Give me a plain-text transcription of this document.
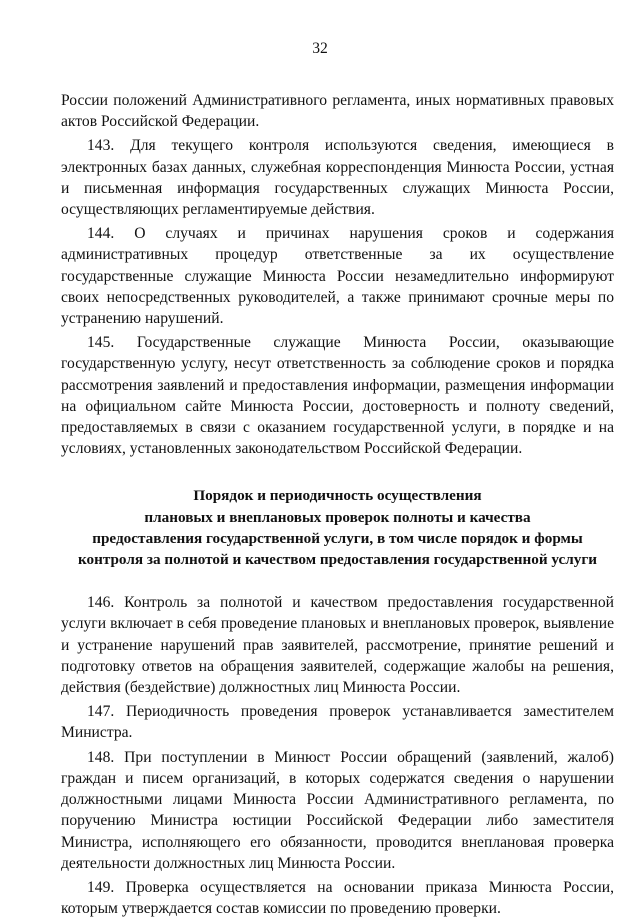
32

России положений Административного регламента, иных нормативных правовых актов Российской Федерации.

143. Для текущего контроля используются сведения, имеющиеся в электронных базах данных, служебная корреспонденция Минюста России, устная и письменная информация государственных служащих Минюста России, осуществляющих регламентируемые действия.

144. О случаях и причинах нарушения сроков и содержания административных процедур ответственные за их осуществление государственные служащие Минюста России незамедлительно информируют своих непосредственных руководителей, а также принимают срочные меры по устранению нарушений.

145. Государственные служащие Минюста России, оказывающие государственную услугу, несут ответственность за соблюдение сроков и порядка рассмотрения заявлений и предоставления информации, размещения информации на официальном сайте Минюста России, достоверность и полноту сведений, предоставляемых в связи с оказанием государственной услуги, в порядке и на условиях, установленных законодательством Российской Федерации.

Порядок и периодичность осуществления
плановых и внеплановых проверок полноты и качества
предоставления государственной услуги, в том числе порядок и формы
контроля за полнотой и качеством предоставления государственной услуги

146. Контроль за полнотой и качеством предоставления государственной услуги включает в себя проведение плановых и внеплановых проверок, выявление и устранение нарушений прав заявителей, рассмотрение, принятие решений и подготовку ответов на обращения заявителей, содержащие жалобы на решения, действия (бездействие) должностных лиц Минюста России.

147. Периодичность проведения проверок устанавливается заместителем Министра.

148. При поступлении в Минюст России обращений (заявлений, жалоб) граждан и писем организаций, в которых содержатся сведения о нарушении должностными лицами Минюста России Административного регламента, по поручению Министра юстиции Российской Федерации либо заместителя Министра, исполняющего его обязанности, проводится внеплановая проверка деятельности должностных лиц Минюста России.

149. Проверка осуществляется на основании приказа Минюста России, которым утверждается состав комиссии по проведению проверки.
